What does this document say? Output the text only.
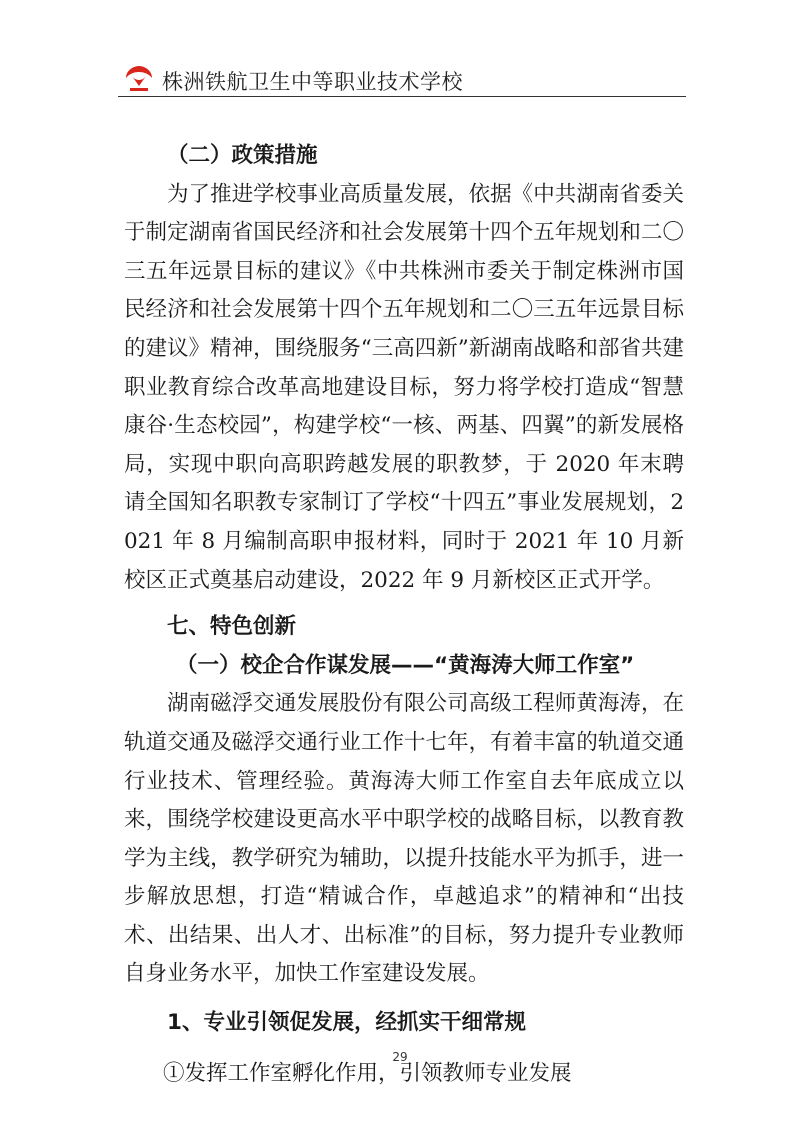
株洲铁航卫生中等职业技术学校

（二）政策措施

为了推进学校事业高质量发展，依据《中共湖南省委关于制定湖南省国民经济和社会发展第十四个五年规划和二〇三五年远景目标的建议》《中共株洲市委关于制定株洲市国民经济和社会发展第十四个五年规划和二〇三五年远景目标的建议》精神，围绕服务“三高四新”新湖南战略和部省共建职业教育综合改革高地建设目标，努力将学校打造成“智慧康谷·生态校园”，构建学校“一核、两基、四翼”的新发展格局，实现中职向高职跨越发展的职教梦，于 2020 年末聘请全国知名职教专家制订了学校“十四五”事业发展规划，2021 年 8 月编制高职申报材料，同时于 2021 年 10 月新校区正式奠基启动建设，2022 年 9 月新校区正式开学。

七、特色创新

（一）校企合作谋发展——“黄海涛大师工作室”

湖南磁浮交通发展股份有限公司高级工程师黄海涛，在轨道交通及磁浮交通行业工作十七年，有着丰富的轨道交通行业技术、管理经验。黄海涛大师工作室自去年底成立以来，围绕学校建设更高水平中职学校的战略目标，以教育教学为主线，教学研究为辅助，以提升技能水平为抓手，进一步解放思想，打造“精诚合作，卓越追求”的精神和“出技术、出结果、出人才、出标准”的目标，努力提升专业教师自身业务水平，加快工作室建设发展。

1、专业引领促发展，经抓实干细常规

①发挥工作室孵化作用，引领教师专业发展

29
